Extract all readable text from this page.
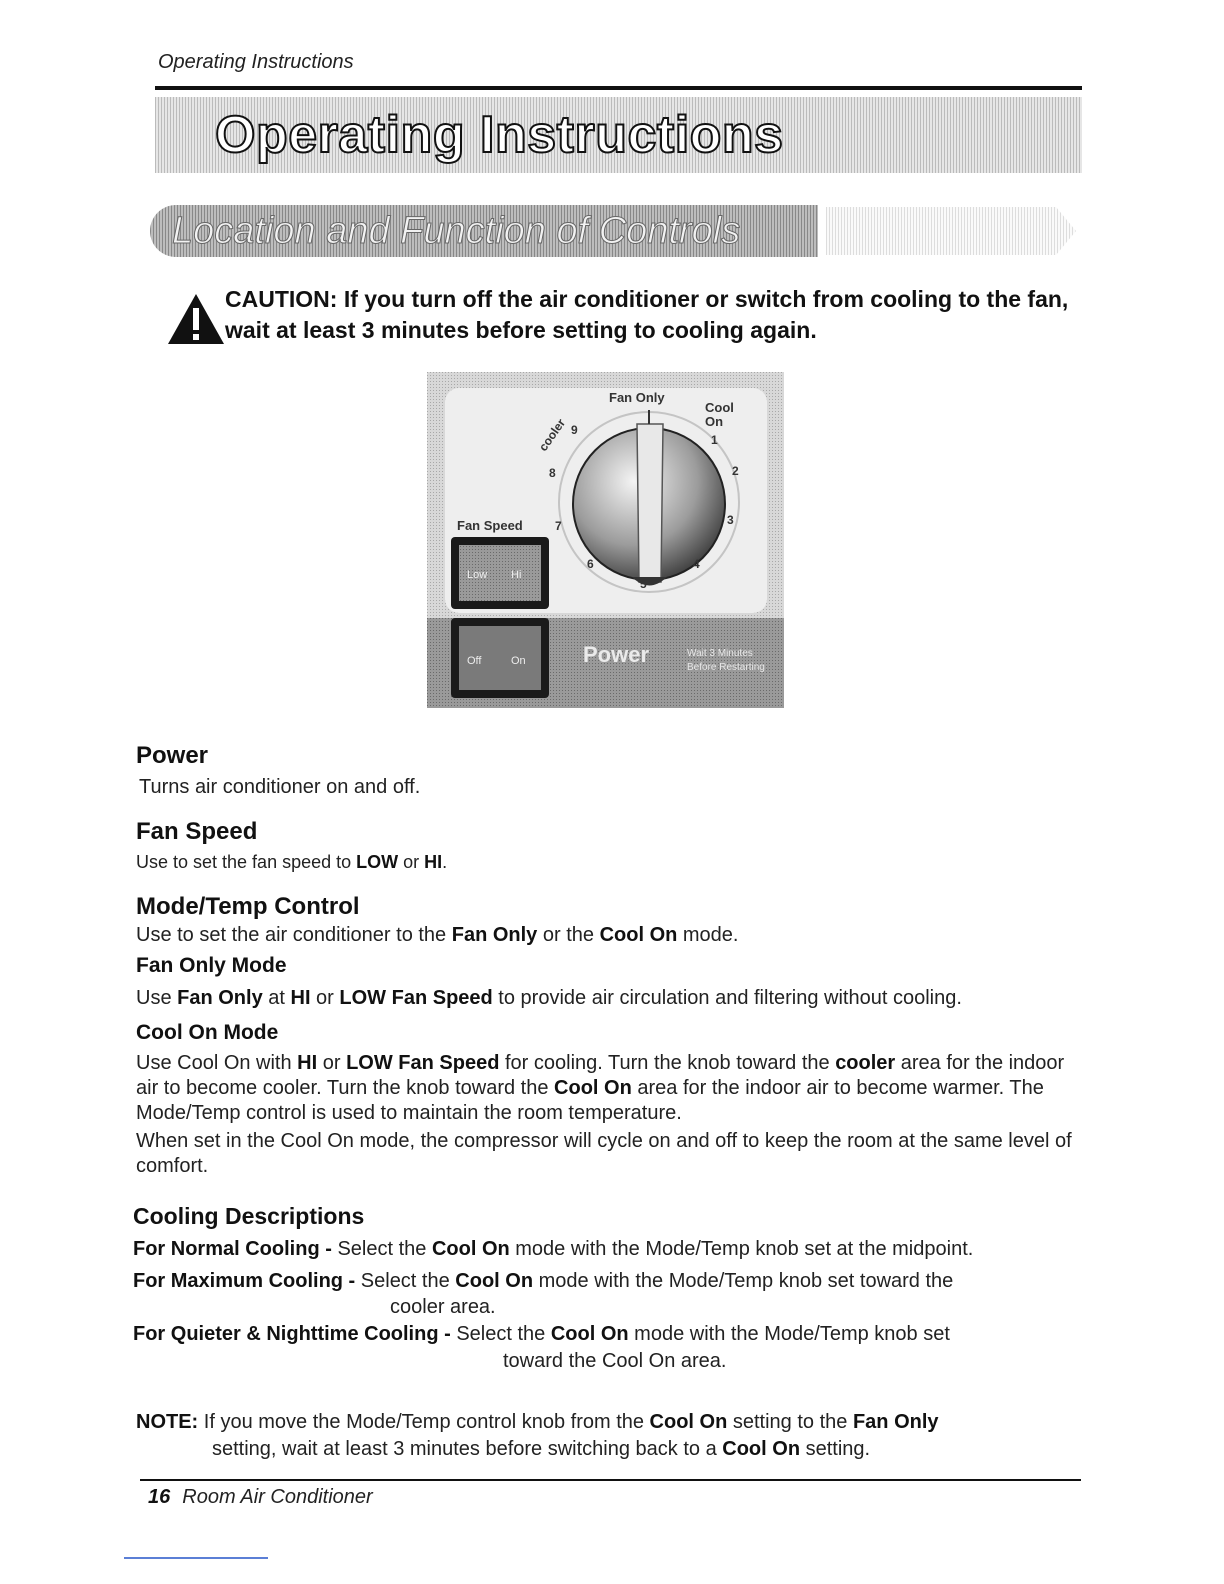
Operating Instructions
Operating Instructions
Location and Function of Controls
CAUTION: If you turn off the air conditioner or switch from cooling to the fan, wait at least 3 minutes before setting to cooling again.
Fan Only
Cool
On
cooler
Fan Speed
9
8
7
6
5
4
3
2
1
Low Hi
Off	On	Power	Wait 3 Minutes
Before Restarting
Power
Turns air conditioner on and off.
Fan Speed
Use to set the fan speed to LOW or HI.
Mode/Temp Control
Use to set the air conditioner to the Fan Only or the Cool On mode.
Fan Only Mode
Use Fan Only at HI or LOW Fan Speed to provide air circulation and filtering without cooling.
Cool On Mode
Use Cool On with HI or LOW Fan Speed for cooling. Turn the knob toward the cooler area for the indoor air to become cooler. Turn the knob toward the Cool On area for the indoor air to become warmer. The Mode/Temp control is used to maintain the room temperature.
When set in the Cool On mode, the compressor will cycle on and off to keep the room at the same level of comfort.
Cooling Descriptions
For Normal Cooling - Select the Cool On mode with the Mode/Temp knob set at the midpoint.
For Maximum Cooling - Select the Cool On mode with the Mode/Temp knob set toward the
cooler area.
For Quieter & Nighttime Cooling - Select the Cool On mode with the Mode/Temp knob set
toward the Cool On area.
NOTE: If you move the Mode/Temp control knob from the Cool On setting to the Fan Only
setting, wait at least 3 minutes before switching back to a Cool On setting.
16 Room Air Conditioner
